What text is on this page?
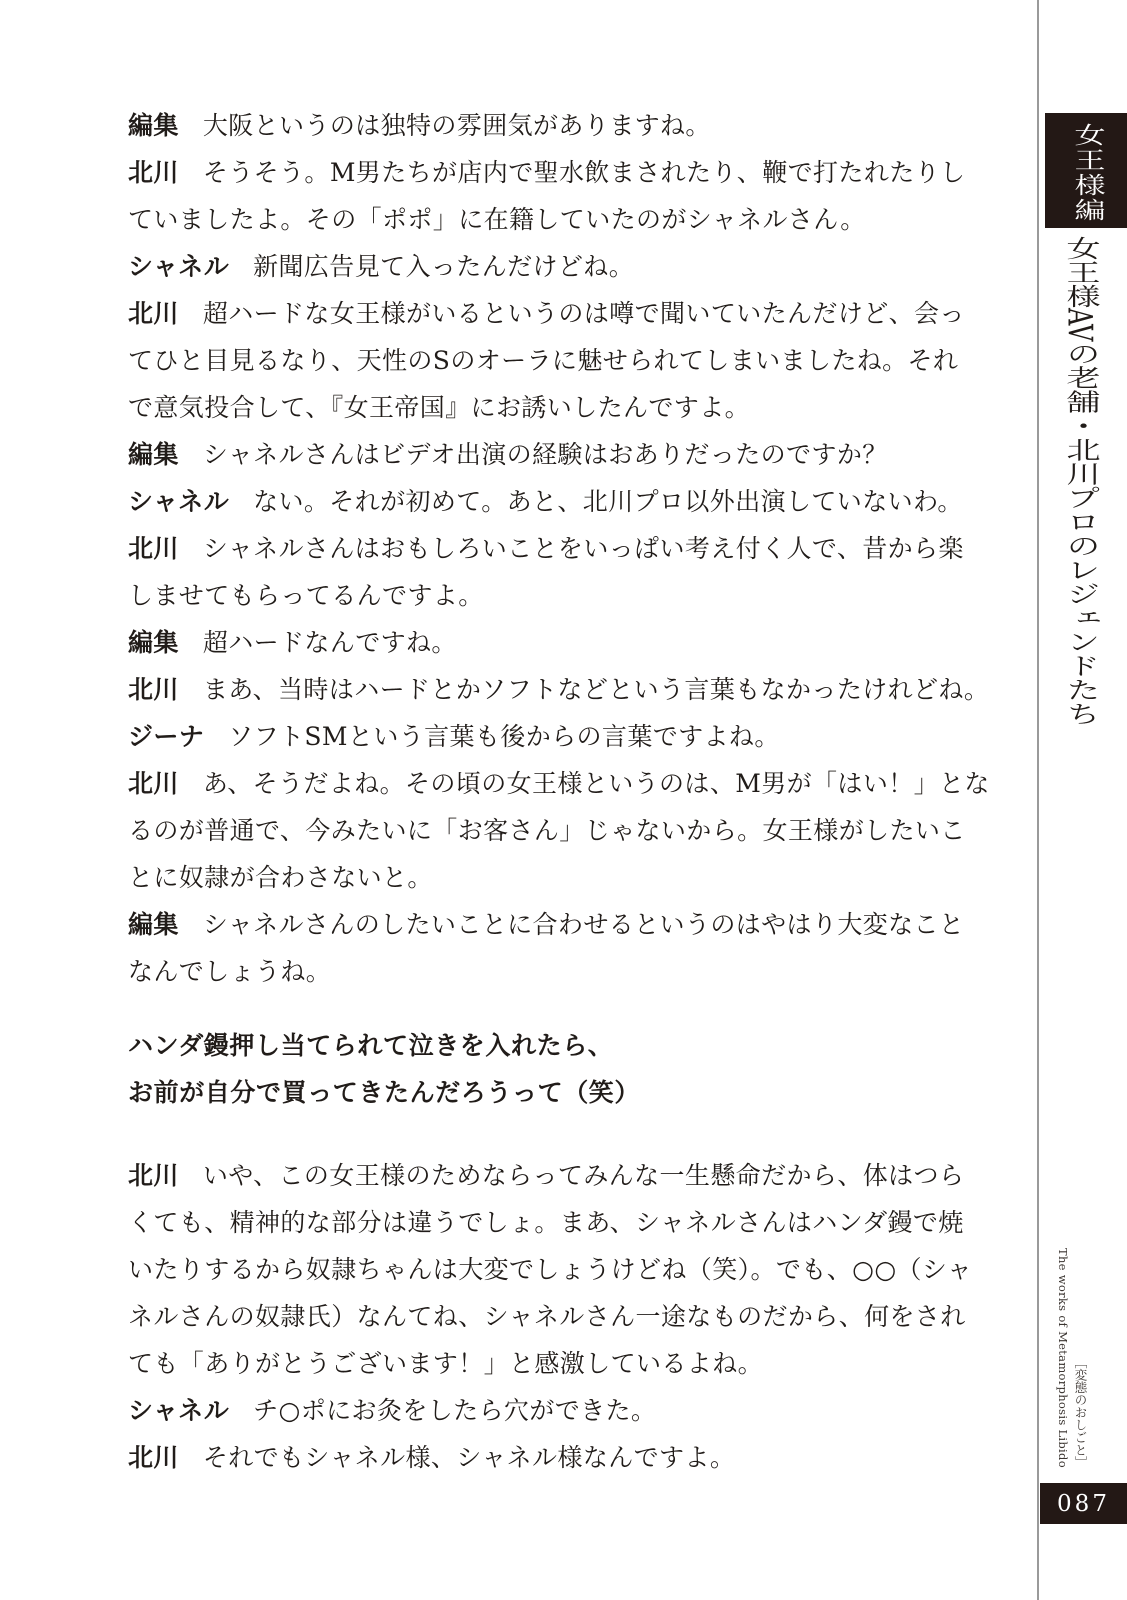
編集 大阪というのは独特の雰囲気がありますね。
北川 そうそう。M男たちが店内で聖水飲まされたり、鞭で打たれたりし
ていましたよ。その「ポポ」に在籍していたのがシャネルさん。
シャネル 新聞広告見て入ったんだけどね。
北川 超ハードな女王様がいるというのは噂で聞いていたんだけど、会っ
てひと目見るなり、天性のSのオーラに魅せられてしまいましたね。それ
で意気投合して、『女王帝国』にお誘いしたんですよ。
編集 シャネルさんはビデオ出演の経験はおありだったのですか？
シャネル ない。それが初めて。あと、北川プロ以外出演していないわ。
北川 シャネルさんはおもしろいことをいっぱい考え付く人で、昔から楽
しませてもらってるんですよ。
編集 超ハードなんですね。
北川 まあ、当時はハードとかソフトなどという言葉もなかったけれどね。
ジーナ ソフトSMという言葉も後からの言葉ですよね。
北川 あ、そうだよね。その頃の女王様というのは、M男が「はい！」とな
るのが普通で、今みたいに「お客さん」じゃないから。女王様がしたいこ
とに奴隷が合わさないと。
編集 シャネルさんのしたいことに合わせるというのはやはり大変なこと
なんでしょうね。
ハンダ鏝押し当てられて泣きを入れたら、
お前が自分で買ってきたんだろうって（笑）
北川 いや、この女王様のためならってみんな一生懸命だから、体はつら
くても、精神的な部分は違うでしょ。まあ、シャネルさんはハンダ鏝で焼
いたりするから奴隷ちゃんは大変でしょうけどね（笑）。でも、○○（シャ
ネルさんの奴隷氏）なんてね、シャネルさん一途なものだから、何をされ
ても「ありがとうございます！」と感激しているよね。
シャネル チ○ポにお灸をしたら穴ができた。
北川 それでもシャネル様、シャネル様なんですよ。
女王様編
女王様AVの老舗・北川プロのレジェンドたち
The works of Metamorphosis Libido ［変態のおしごと］
087
